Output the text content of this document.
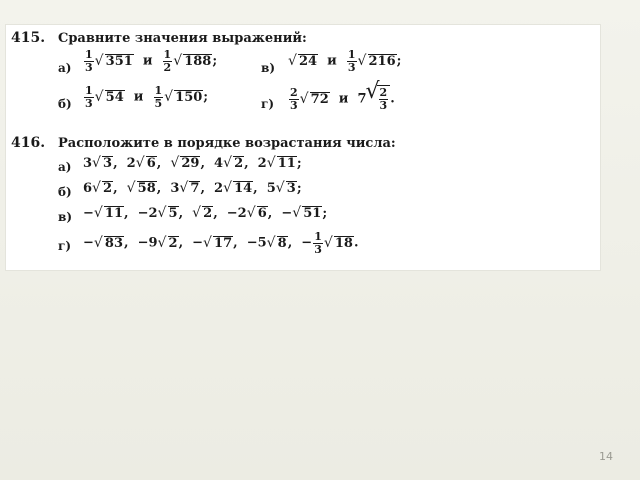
415. Сравните значения выражений:
$а) \frac{1}{3}$ √ 351  и $\frac{1}{2}$ √ 188;	в)	√ 24  и $\frac{1}{3}$ √ 216;
$б) \frac{1}{3}$ √ 54  и $\frac{1}{5}$ √ 150;	$г) \frac{2}{3}$ √ 72  и  7 √ $\frac{2}{3}$ .
416. Расположите в порядке возрастания числа:
а) 3 √ 3,  2 √ 6,  √ 29,  4 √ 2,  2 √ 11;
б) 6 √ 2,  √ 58,  3 √ 7,  2 √ 14,  5 √ 3;
в) − √ 11,  −2 √ 5,  √ 2,  −2 √ 6,  − √ 51;
г) − √ 83,  −9 √ 2,  − √ 17,  −5 √ 8,  − $\frac{1}{3}$ √ 18.
14
